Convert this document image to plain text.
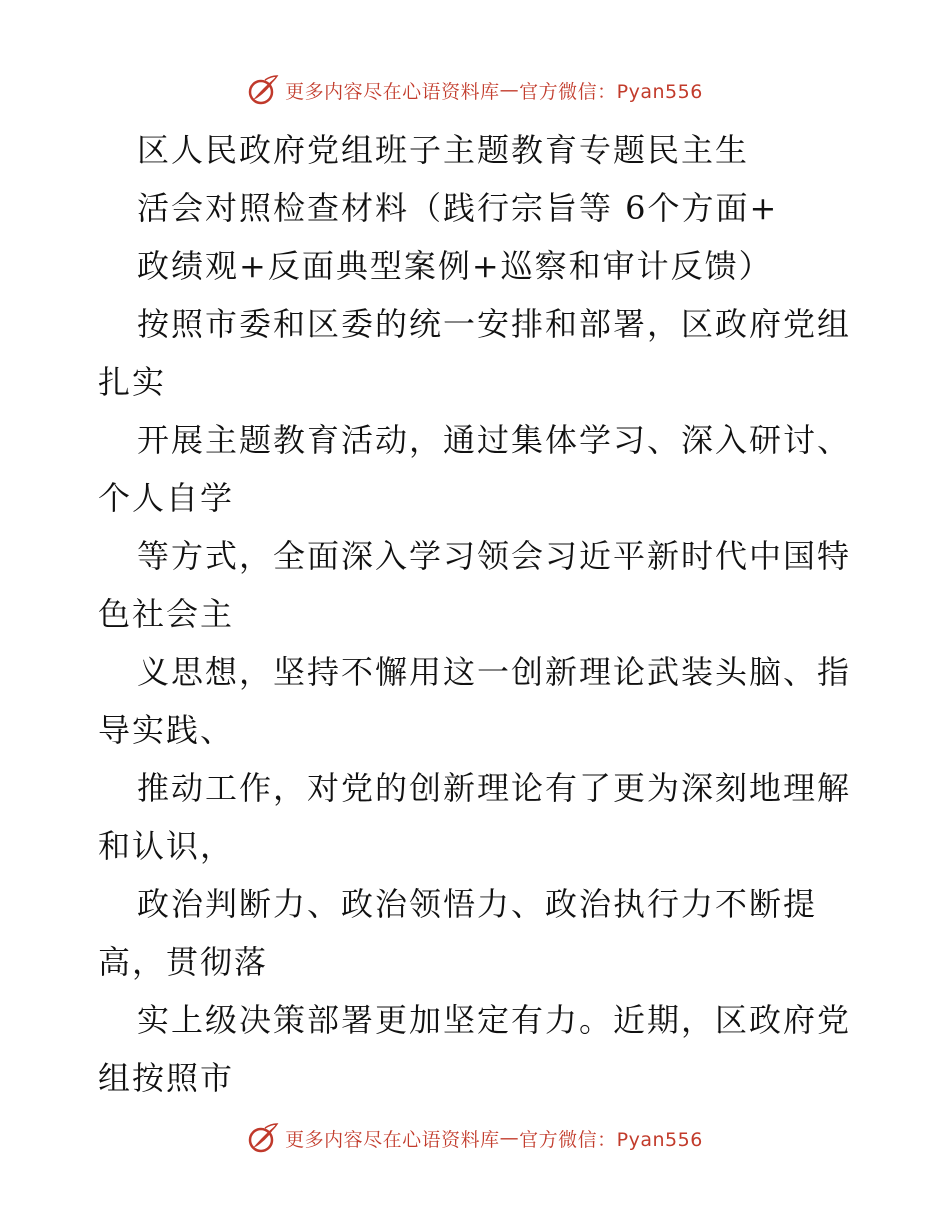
更多内容尽在心语资料库 — 官方微信：Pyan556
区人民政府党组班子主题教育专题民主生
活会对照检查材料（践行宗旨等 6个方面+
政绩观+反面典型案例+巡察和审计反馈）
按照市委和区委的统一安排和部署，区政府党组
扎实
开展主题教育活动，通过集体学习、深入研讨、
个人自学
等方式，全面深入学习领会习近平新时代中国特
色社会主
义思想，坚持不懈用这一创新理论武装头脑、指
导实践、
推动工作，对党的创新理论有了更为深刻地理解
和认识，
政治判断力、政治领悟力、政治执行力不断提
高，贯彻落
实上级决策部署更加坚定有力。近期，区政府党
组按照市
更多内容尽在心语资料库 — 官方微信：Pyan556
